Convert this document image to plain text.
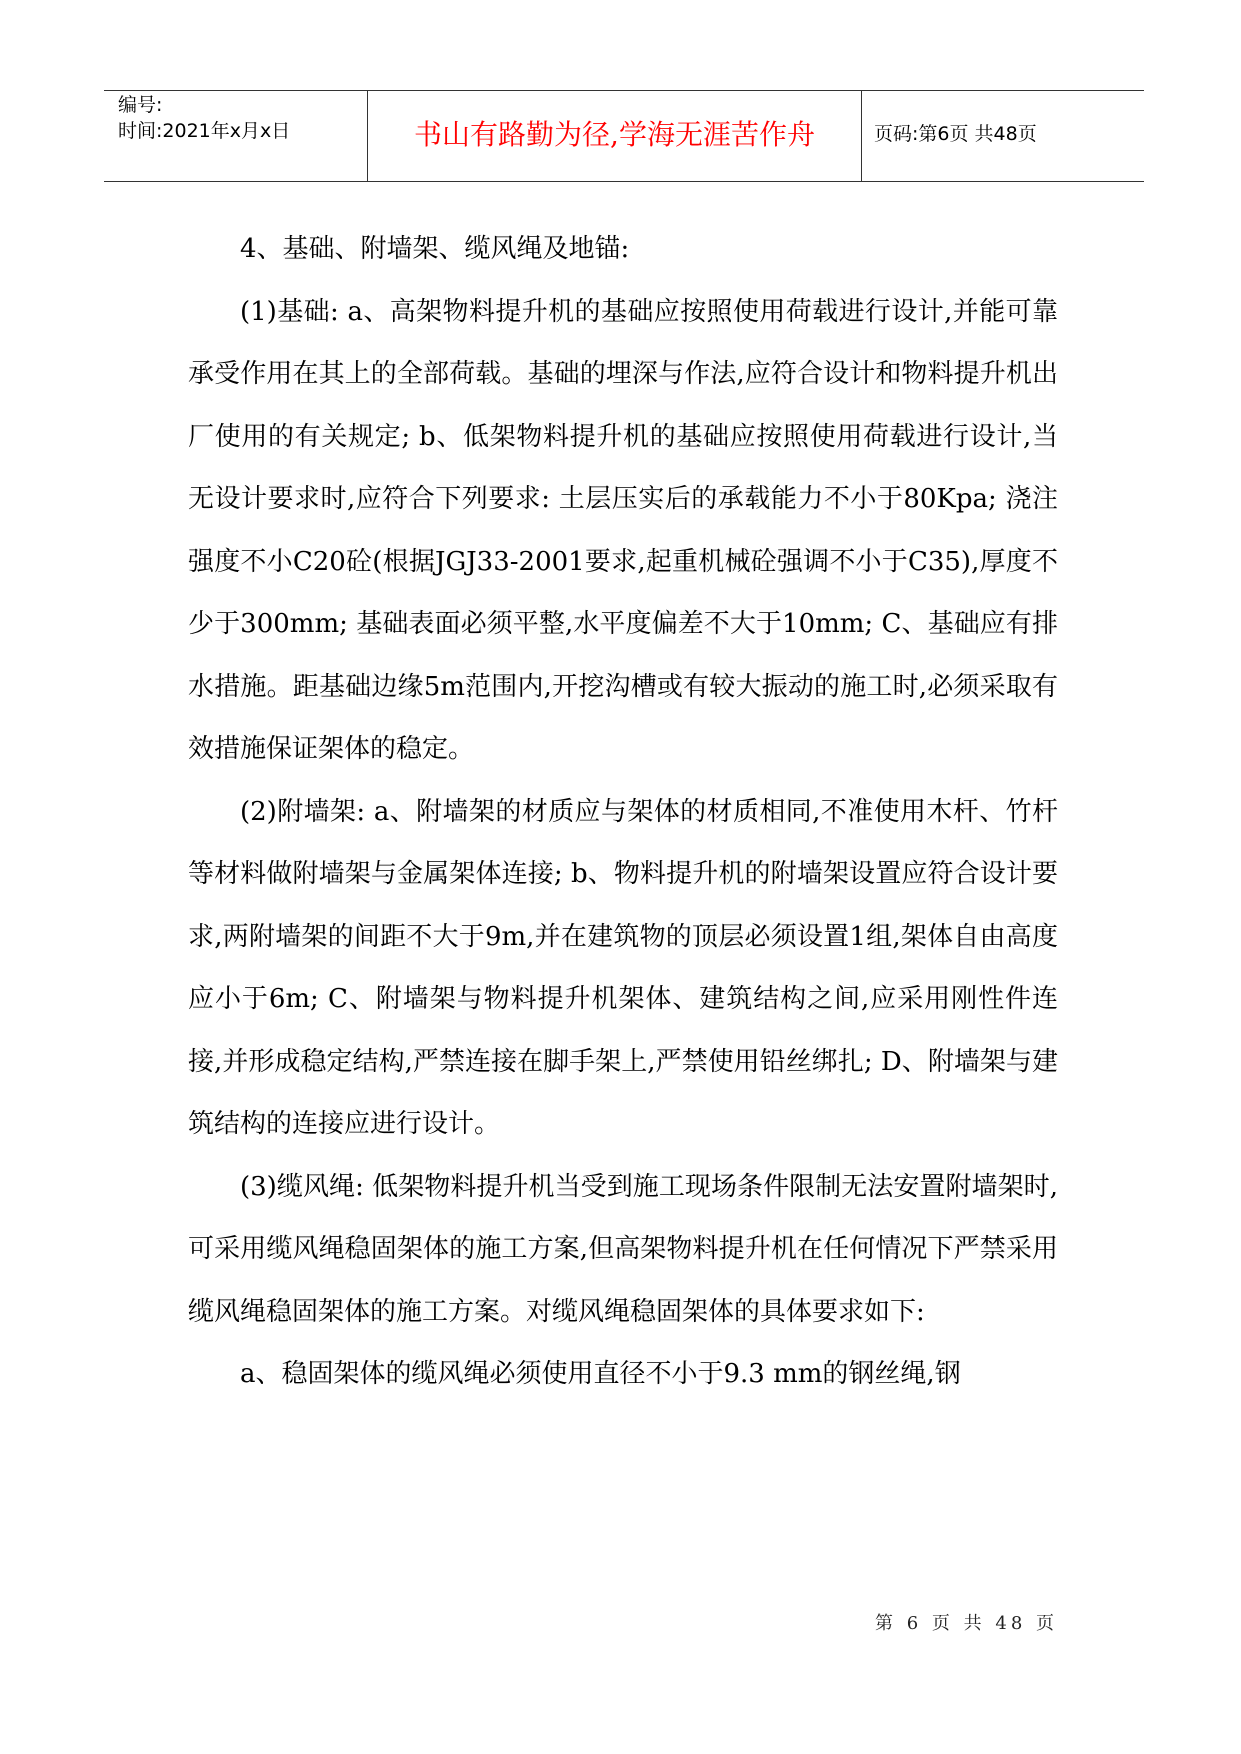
编号:
时间:2021年x月x日	书山有路勤为径,学海无涯苦作舟	页码:第6页 共48页

4、基础、附墙架、缆风绳及地锚:

(1)基础: a、高架物料提升机的基础应按照使用荷载进行设计,并能可靠承受作用在其上的全部荷载。基础的埋深与作法,应符合设计和物料提升机出厂使用的有关规定; b、低架物料提升机的基础应按照使用荷载进行设计,当无设计要求时,应符合下列要求: 土层压实后的承载能力不小于80Kpa; 浇注强度不小C20砼(根据JGJ33-2001要求,起重机械砼强调不小于C35),厚度不少于300mm; 基础表面必须平整,水平度偏差不大于10mm; C、基础应有排水措施。距基础边缘5m范围内,开挖沟槽或有较大振动的施工时,必须采取有效措施保证架体的稳定。

(2)附墙架: a、附墙架的材质应与架体的材质相同,不准使用木杆、竹杆等材料做附墙架与金属架体连接; b、物料提升机的附墙架设置应符合设计要求,两附墙架的间距不大于9m,并在建筑物的顶层必须设置1组,架体自由高度应小于6m; C、附墙架与物料提升机架体、建筑结构之间,应采用刚性件连接,并形成稳定结构,严禁连接在脚手架上,严禁使用铅丝绑扎; D、附墙架与建筑结构的连接应进行设计。

(3)缆风绳: 低架物料提升机当受到施工现场条件限制无法安置附墙架时,可采用缆风绳稳固架体的施工方案,但高架物料提升机在任何情况下严禁采用缆风绳稳固架体的施工方案。对缆风绳稳固架体的具体要求如下:

a、稳固架体的缆风绳必须使用直径不小于9.3 mm的钢丝绳,钢

第 6 页 共 48 页
